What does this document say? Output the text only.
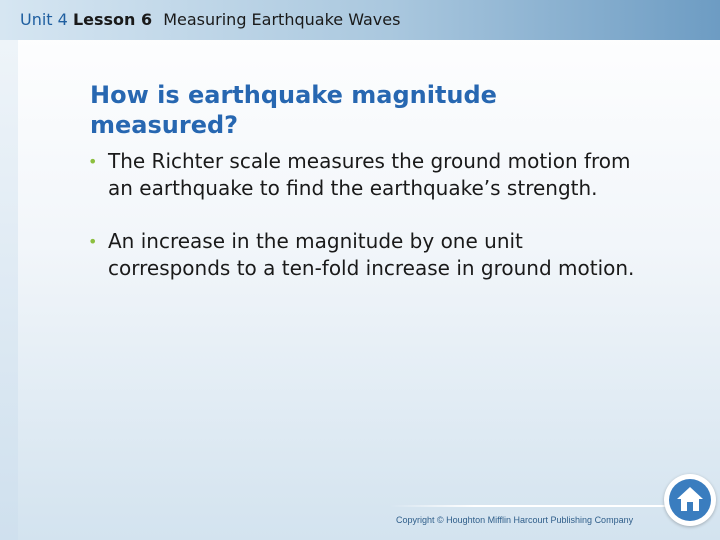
Unit 4 Lesson 6 Measuring Earthquake Waves
How is earthquake magnitude measured?
• The Richter scale measures the ground motion from an earthquake to find the earthquake’s strength.
• An increase in the magnitude by one unit corresponds to a ten-fold increase in ground motion.
Copyright © Houghton Mifflin Harcourt Publishing Company
